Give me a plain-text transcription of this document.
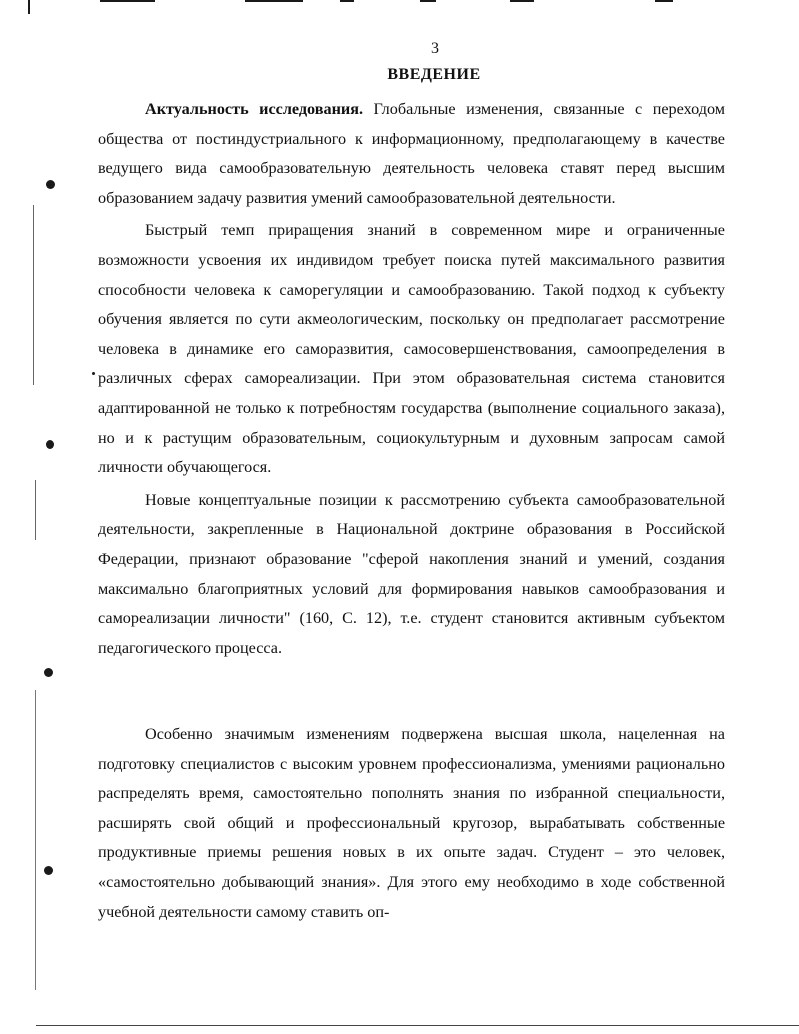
3
ВВЕДЕНИЕ

Актуальность исследования. Глобальные изменения, связанные с переходом общества от постиндустриального к информационному, предполагающему в качестве ведущего вида самообразовательную деятельность человека ставят перед высшим образованием задачу развития умений самообразовательной деятельности.

Быстрый темп приращения знаний в современном мире и ограниченные возможности усвоения их индивидом требует поиска путей максимального развития способности человека к саморегуляции и самообразованию. Такой подход к субъекту обучения является по сути акмеологическим, поскольку он предполагает рассмотрение человека в динамике его саморазвития, самосовершенствования, самоопределения в различных сферах самореализации. При этом образовательная система становится адаптированной не только к потребностям государства (выполнение социального заказа), но и к растущим образовательным, социокультурным и духовным запросам самой личности обучающегося.

Новые концептуальные позиции к рассмотрению субъекта самообразовательной деятельности, закрепленные в Национальной доктрине образования в Российской Федерации, признают образование "сферой накопления знаний и умений, создания максимально благоприятных условий для формирования навыков самообразования и самореализации личности" (160, С. 12), т.е. студент становится активным субъектом педагогического процесса.

Особенно значимым изменениям подвержена высшая школа, нацеленная на подготовку специалистов с высоким уровнем профессионализма, умениями рационально распределять время, самостоятельно пополнять знания по избранной специальности, расширять свой общий и профессиональный кругозор, вырабатывать собственные продуктивные приемы решения новых в их опыте задач. Студент – это человек, «самостоятельно добывающий знания». Для этого ему необходимо в ходе собственной учебной деятельности самому ставить оп-
